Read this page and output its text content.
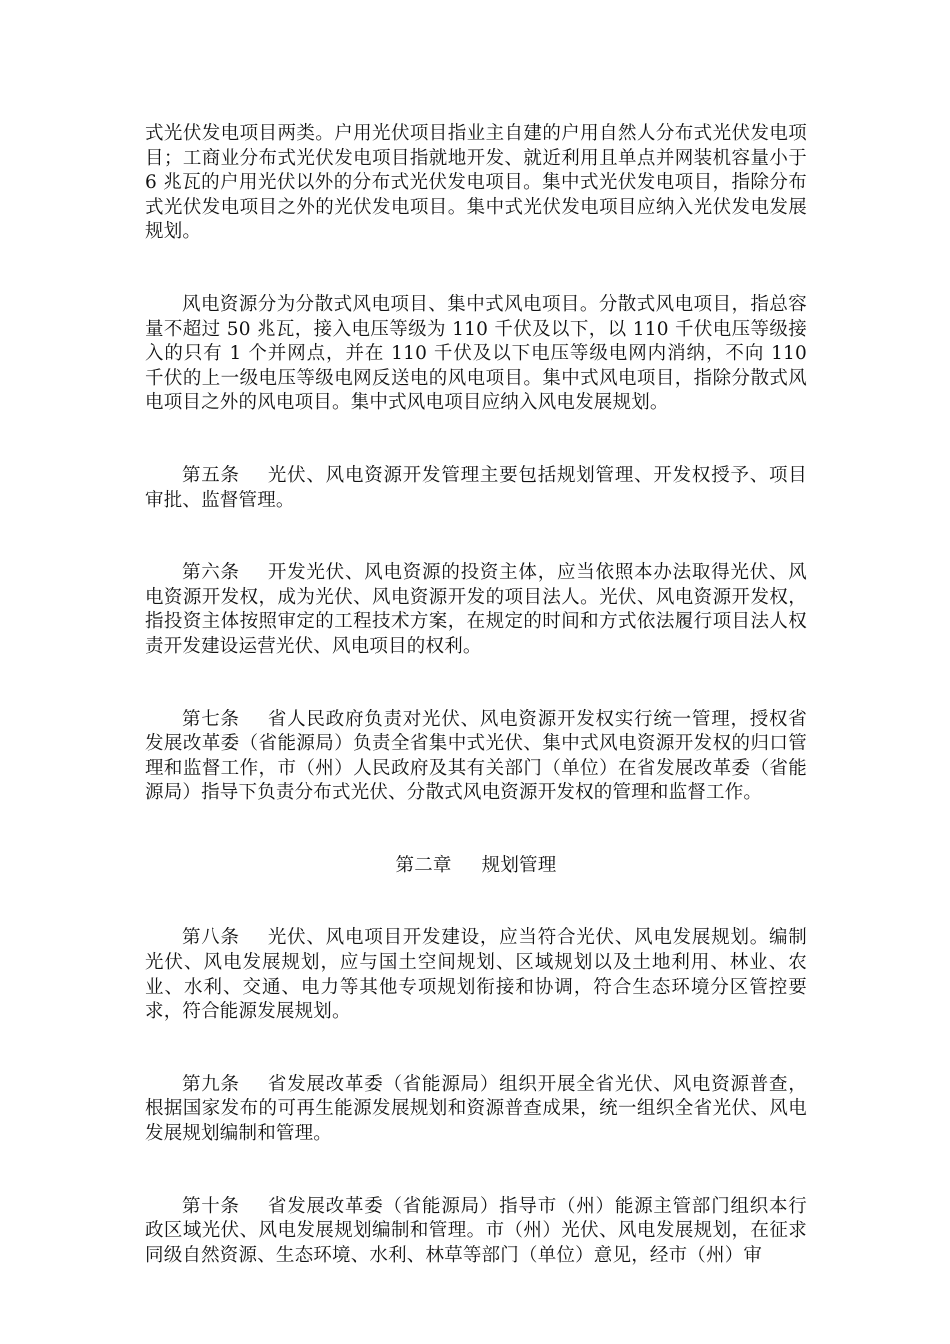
式光伏发电项目两类。户用光伏项目指业主自建的户用自然人分布式光伏发电项目；工商业分布式光伏发电项目指就地开发、就近利用且单点并网装机容量小于 6 兆瓦的户用光伏以外的分布式光伏发电项目。集中式光伏发电项目，指除分布式光伏发电项目之外的光伏发电项目。集中式光伏发电项目应纳入光伏发电发展规划。

风电资源分为分散式风电项目、集中式风电项目。分散式风电项目，指总容量不超过 50 兆瓦，接入电压等级为 110 千伏及以下，以 110 千伏电压等级接入的只有 1 个并网点，并在 110 千伏及以下电压等级电网内消纳，不向 110 千伏的上一级电压等级电网反送电的风电项目。集中式风电项目，指除分散式风电项目之外的风电项目。集中式风电项目应纳入风电发展规划。

第五条 光伏、风电资源开发管理主要包括规划管理、开发权授予、项目审批、监督管理。

第六条 开发光伏、风电资源的投资主体，应当依照本办法取得光伏、风电资源开发权，成为光伏、风电资源开发的项目法人。光伏、风电资源开发权，指投资主体按照审定的工程技术方案，在规定的时间和方式依法履行项目法人权责开发建设运营光伏、风电项目的权利。

第七条 省人民政府负责对光伏、风电资源开发权实行统一管理，授权省发展改革委（省能源局）负责全省集中式光伏、集中式风电资源开发权的归口管理和监督工作，市（州）人民政府及其有关部门（单位）在省发展改革委（省能源局）指导下负责分布式光伏、分散式风电资源开发权的管理和监督工作。

第二章 规划管理

第八条 光伏、风电项目开发建设，应当符合光伏、风电发展规划。编制光伏、风电发展规划，应与国土空间规划、区域规划以及土地利用、林业、农业、水利、交通、电力等其他专项规划衔接和协调，符合生态环境分区管控要求，符合能源发展规划。

第九条 省发展改革委（省能源局）组织开展全省光伏、风电资源普查，根据国家发布的可再生能源发展规划和资源普查成果，统一组织全省光伏、风电发展规划编制和管理。

第十条 省发展改革委（省能源局）指导市（州）能源主管部门组织本行政区域光伏、风电发展规划编制和管理。市（州）光伏、风电发展规划，在征求同级自然资源、生态环境、水利、林草等部门（单位）意见，经市（州）审
